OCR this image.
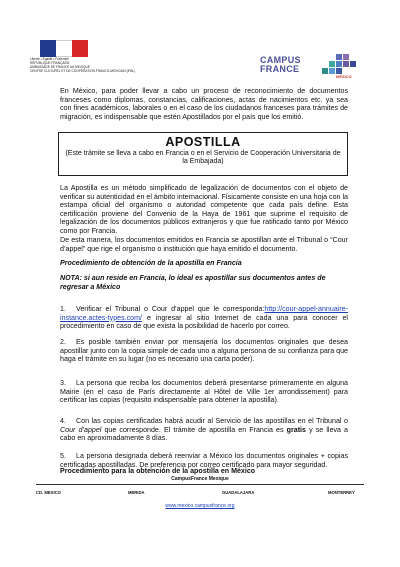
Liberté • Égalité • Fraternité
RÉPUBLIQUE FRANÇAISE
AMBASSADE DE FRANCE AU MEXIQUE
CENTRE CULTUREL ET DE COOPÉRATION FRANCO-MEXICAIN (IFAL)
CAMPUS
FRANCE
MÉXICO
En México, para poder llevar a cabo un proceso de reconocimiento de documentos franceses como diplomas, constancias, calificaciones, actas de nacimientos etc. ya sea con fines académicos, laborales o en el caso de los ciudadanos franceses para trámites de migración, es indispensable que estén Apostillados por el país que los emitió.
APOSTILLA
(Este trámite se lleva a cabo en Francia o en el Servicio de Cooperación Universitaria de la Embajada)
La Apostilla es un método simplificado de legalización de documentos con el objeto de verificar su autenticidad en el ámbito internacional. Físicamente consiste en una hoja con la estampa oficial del organismo o autoridad competente que cada país define. Esta certificación proviene del Convenio de la Haya de 1961 que suprime el requisito de legalización de los documentos públicos extranjeros y que fue ratificado tanto por México como por Francia.
De esta manera, los documentos emitidos en Francia se apostillan ante el Tribunal o “Cour d’appel” que rige el organismo o institución que haya emitido el documento.
Procedimiento de obtención de la apostilla en Francia
NOTA: si aun reside en Francia, lo ideal es apostillar sus documentos antes de regresar a México
1. Verificar el Tribunal o Cour d’appel que le corresponda:http://cour-appel-annuaire-instance.actes-types.com/ e ingresar al sitio Internet de cada una para conocer el procedimiento en caso de que exista la posibilidad de hacerlo por correo.
2. Es posible también enviar por mensajería los documentos originales que desea apostillar junto con la copia simple de cada uno a alguna persona de su confianza para que haga el trámite en su lugar (no es necesario una carta poder).
3. La persona que reciba los documentos deberá presentarse primeramente en alguna Mairie (en el caso de París directamente al Hôtel de Ville 1er arrondissement) para certificar las copias (requisito indispensable para obtener la apostilla).
4. Con las copias certificadas habrá acudir al Servicio de las apostillas en el Tribunal o Cour d’appel que corresponde. El trámite de apostilla en Francia es gratis y se lleva a cabo en aproximadamente 8 días.
5. La persona designada deberá reenviar a México los documentos originales + copias certificadas apostilladas. De preferencia por correo certificado para mayor seguridad.
Procedimiento para la obtención de la apostilla en México
CampusFrance Mexique
CD. MEXICO	MERIDA	GUADALAJARA	MONTERREY
www.mexico.campusfrance.org
